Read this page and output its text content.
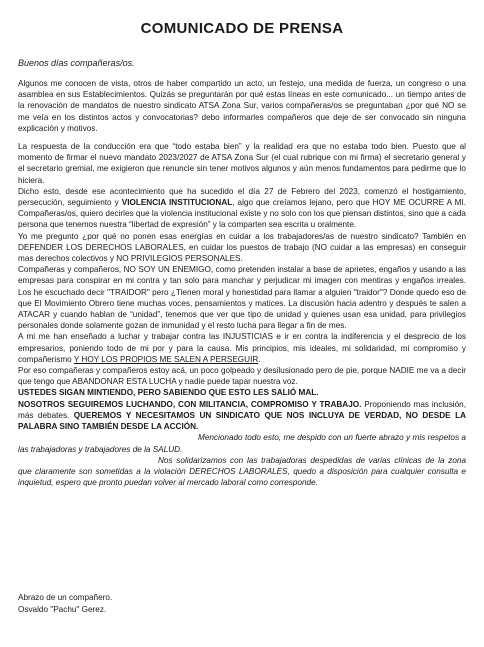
COMUNICADO DE PRENSA
Buenos días compañeras/os.

Algunos me conocen de vista, otros de haber compartido un acto, un festejo, una medida de fuerza, un congreso o una asamblea en sus Establecimientos. Quizás se preguntarán por qué estas líneas en este comunicado... un tiempo antes de la renovación de mandatos de nuestro sindicato ATSA Zona Sur, varios compañeras/os se preguntaban ¿por qué NO se me veía en los distintos actos y convocatorias? debo informarles compañeros que deje de ser convocado sin ninguna explicación y motivos.

La respuesta de la conducción era que “todo estaba bien” y la realidad era que no estaba todo bien. Puesto que al momento de firmar el nuevo mandato 2023/2027 de ATSA Zona Sur (el cual rubrique con mi firma) el secretario general y el secretario gremial, me exigieron que renuncie sin tener motivos algunos y aún menos fundamentos para pedirme que lo hiciera.

Dicho esto, desde ese acontecimiento que ha sucedido el día 27 de Febrero del 2023, comenzó el hostigamiento, persecución, seguimiento y VIOLENCIA INSTITUCIONAL, algo que creíamos lejano, pero que HOY ME OCURRE A MI. Compañeras/os, quiero decirles que la violencia institucional existe y no solo con los que piensan distintos, sino que a cada persona que tenemos nuestra “libertad de expresión” y la comparten sea escrita u oralmente.

Yo me pregunto ¿por qué no ponen esas energías en cuidar a los trabajadores/as de nuestro sindicato? También en DEFENDER LOS DERECHOS LABORALES, en cuidar los puestos de trabajo (NO cuidar a las empresas) en conseguir mas derechos colectivos y NO PRIVILEGIOS PERSONALES.

Compañeras y compañeros, NO SOY UN ENEMIGO, como pretenden instalar a base de aprietes, engaños y usando a las empresas para conspirar en mi contra y tan solo para manchar y perjudicar mi imagen con mentiras y engaños irreales. Los he escuchado decir "TRAIDOR" pero ¿Tienen moral y honestidad para llamar a alguien "traidor"? Donde quedo eso de que El Movimiento Obrero tiene muchas voces, pensamientos y matices. La discusión hacia adentro y después te salen a ATACAR y cuando hablan de “unidad”, tenemos que ver que tipo de unidad y quienes usan esa unidad, para privilegios personales donde solamente gozan de inmunidad y el resto lucha para llegar a fin de mes.

A mi me han enseñado a luchar y trabajar contra las INJUSTICIAS e ir en contra la indiferencia y el desprecio de los empresarios, poniendo todo de mi por y para la causa. Mis principios, mis ideales, mi solidaridad, mi compromiso y compañerismo Y HOY LOS PROPIOS ME SALEN A PERSEGUIR.

Por eso compañeras y compañeros estoy acá, un poco golpeado y desilusionado pero de pie, porque NADIE me va a decir que tengo que ABANDONAR ESTA LUCHA y nadie puede tapar nuestra voz.

USTEDES SIGAN MINTIENDO, PERO SABIENDO QUE ESTO LES SALIÓ MAL.

NOSOTROS SEGUIREMOS LUCHANDO, CON MILITANCIA, COMPROMISO Y TRABAJO. Proponiendo mas inclusión, más debates. QUEREMOS Y NECESITAMOS UN SINDICATO QUE NOS INCLUYA DE VERDAD, NO DESDE LA PALABRA SINO TAMBIÉN DESDE LA ACCIÓN.

Mencionado todo esto, me despido con un fuerte abrazo y mis respetos a las trabajadoras y trabajadores de la SALUD.

Nos solidarizamos con las trabajadoras despedidas de varias clínicas de la zona que claramente son sometidas a la violación DERECHOS LABORALES, quedo a disposición para cualquier consulta e inquietud, espero que pronto puedan volver al mercado laboral como corresponde.

Abrazo de un compañero.

Osvaldo "Pachu" Gerez.
